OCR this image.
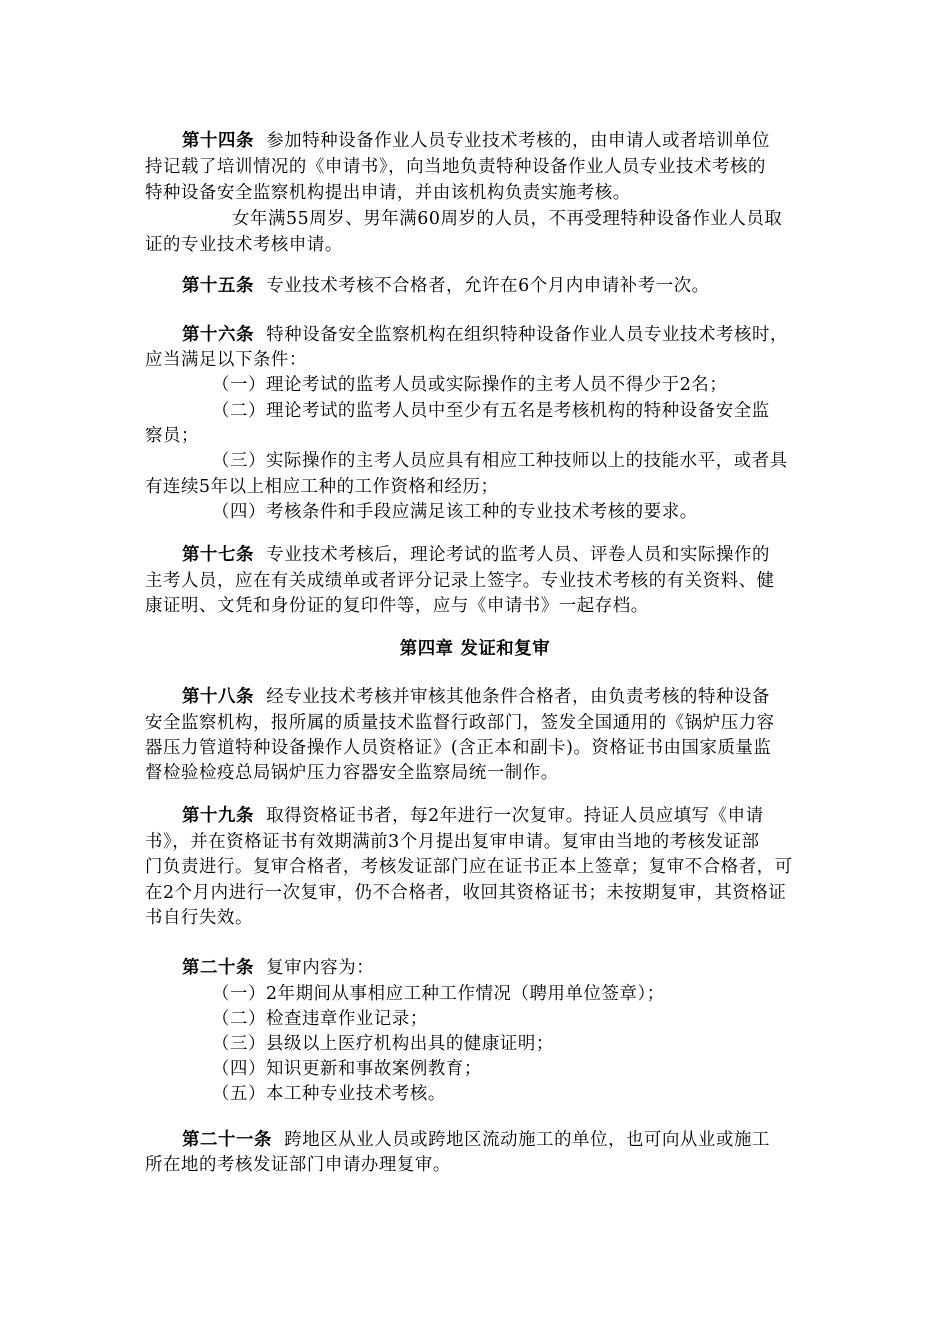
第十四条 参加特种设备作业人员专业技术考核的，由申请人或者培训单位
持记载了培训情况的《申请书》，向当地负责特种设备作业人员专业技术考核的
特种设备安全监察机构提出申请，并由该机构负责实施考核。
女年满55周岁、男年满60周岁的人员，不再受理特种设备作业人员取
证的专业技术考核申请。
第十五条 专业技术考核不合格者，允许在6个月内申请补考一次。
第十六条 特种设备安全监察机构在组织特种设备作业人员专业技术考核时，
应当满足以下条件：
（一）理论考试的监考人员或实际操作的主考人员不得少于2名；
（二）理论考试的监考人员中至少有五名是考核机构的特种设备安全监
察员；
（三）实际操作的主考人员应具有相应工种技师以上的技能水平，或者具
有连续5年以上相应工种的工作资格和经历；
（四）考核条件和手段应满足该工种的专业技术考核的要求。
第十七条 专业技术考核后，理论考试的监考人员、评卷人员和实际操作的
主考人员，应在有关成绩单或者评分记录上签字。专业技术考核的有关资料、健
康证明、文凭和身份证的复印件等，应与《申请书》一起存档。
第四章 发证和复审
第十八条 经专业技术考核并审核其他条件合格者，由负责考核的特种设备
安全监察机构，报所属的质量技术监督行政部门，签发全国通用的《锅炉压力容
器压力管道特种设备操作人员资格证》(含正本和副卡)。资格证书由国家质量监
督检验检疫总局锅炉压力容器安全监察局统一制作。
第十九条 取得资格证书者，每2年进行一次复审。持证人员应填写《申请
书》，并在资格证书有效期满前3个月提出复审申请。复审由当地的考核发证部
门负责进行。复审合格者，考核发证部门应在证书正本上签章；复审不合格者，可
在2个月内进行一次复审，仍不合格者，收回其资格证书；未按期复审，其资格证
书自行失效。
第二十条 复审内容为：
（一）2年期间从事相应工种工作情况（聘用单位签章）；
（二）检查违章作业记录；
（三）县级以上医疗机构出具的健康证明；
（四）知识更新和事故案例教育；
（五）本工种专业技术考核。
第二十一条 跨地区从业人员或跨地区流动施工的单位，也可向从业或施工
所在地的考核发证部门申请办理复审。
